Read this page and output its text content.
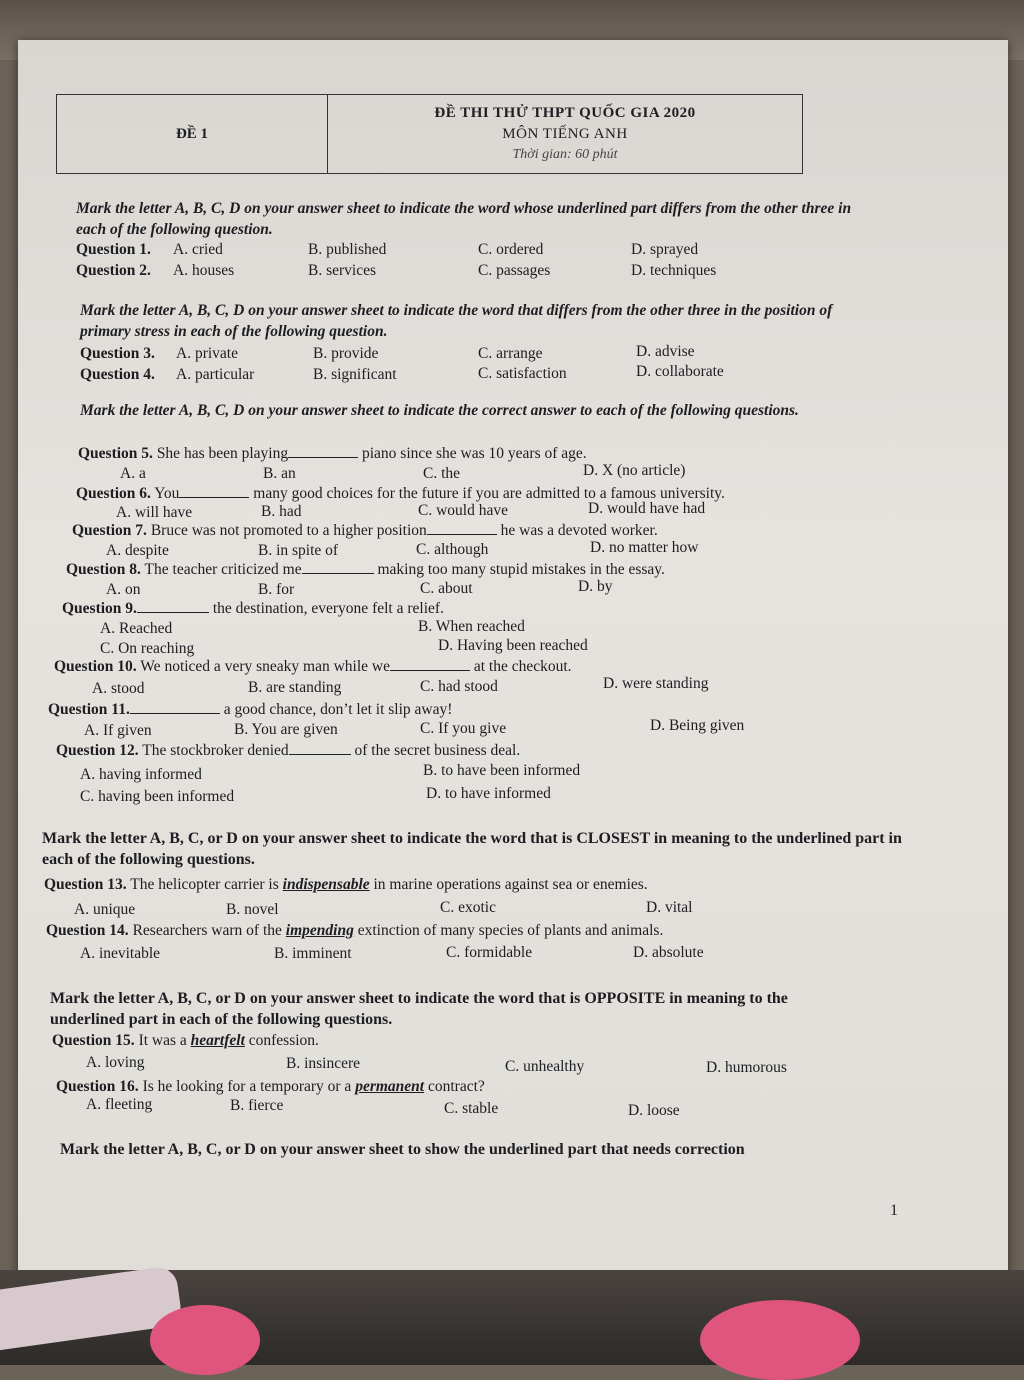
ĐỀ 1
ĐỀ THI THỬ THPT QUỐC GIA 2020
MÔN TIẾNG ANH
Thời gian: 60 phút
Mark the letter A, B, C, D on your answer sheet to indicate the word whose underlined part differs from the other three in each of the following question.
Question 1. A. cried	B. published	C. ordered	D. sprayed
Question 2. A. houses	B. services	C. passages	D. techniques
Mark the letter A, B, C, D on your answer sheet to indicate the word that differs from the other three in the position of primary stress in each of the following question.
Question 3. A. private	B. provide	C. arrange	D. advise
Question 4. A. particular	B. significant	C. satisfaction	D. collaborate
Mark the letter A, B, C, D on your answer sheet to indicate the correct answer to each of the following questions.
Question 5. She has been playing	piano since she was 10 years of age.
A. a	B. an	C. the	D. X (no article)
Question 6. You	many good choices for the future if you are admitted to a famous university.
A. will have	B. had	C. would have	D. would have had
Question 7. Bruce was not promoted to a higher position	he was a devoted worker.
A. despite	B. in spite of	C. although	D. no matter how
Question 8. The teacher criticized me	making too many stupid mistakes in the essay.
A. on	B. for	C. about	D. by
Question 9.	the destination, everyone felt a relief.
A. Reached	B. When reached
C. On reaching	D. Having been reached
Question 10. We noticed a very sneaky man while we	at the checkout.
A. stood	B. are standing	C. had stood	D. were standing
Question 11.	a good chance, don’t let it slip away!
A. If given	B. You are given	C. If you give	D. Being given
Question 12. The stockbroker denied	of the secret business deal.
A. having informed	B. to have been informed
C. having been informed	D. to have informed
Mark the letter A, B, C, or D on your answer sheet to indicate the word that is CLOSEST in meaning to the underlined part in each of the following questions.
Question 13. The helicopter carrier is indispensable in marine operations against sea or enemies.
A. unique	B. novel	C. exotic	D. vital
Question 14. Researchers warn of the impending extinction of many species of plants and animals.
A. inevitable	B. imminent	C. formidable	D. absolute
Mark the letter A, B, C, or D on your answer sheet to indicate the word that is OPPOSITE in meaning to the underlined part in each of the following questions.
Question 15. It was a heartfelt confession.
A. loving	B. insincere	C. unhealthy	D. humorous
Question 16. Is he looking for a temporary or a permanent contract?
A. fleeting	B. fierce	C. stable	D. loose
Mark the letter A, B, C, or D on your answer sheet to show the underlined part that needs correction
1
